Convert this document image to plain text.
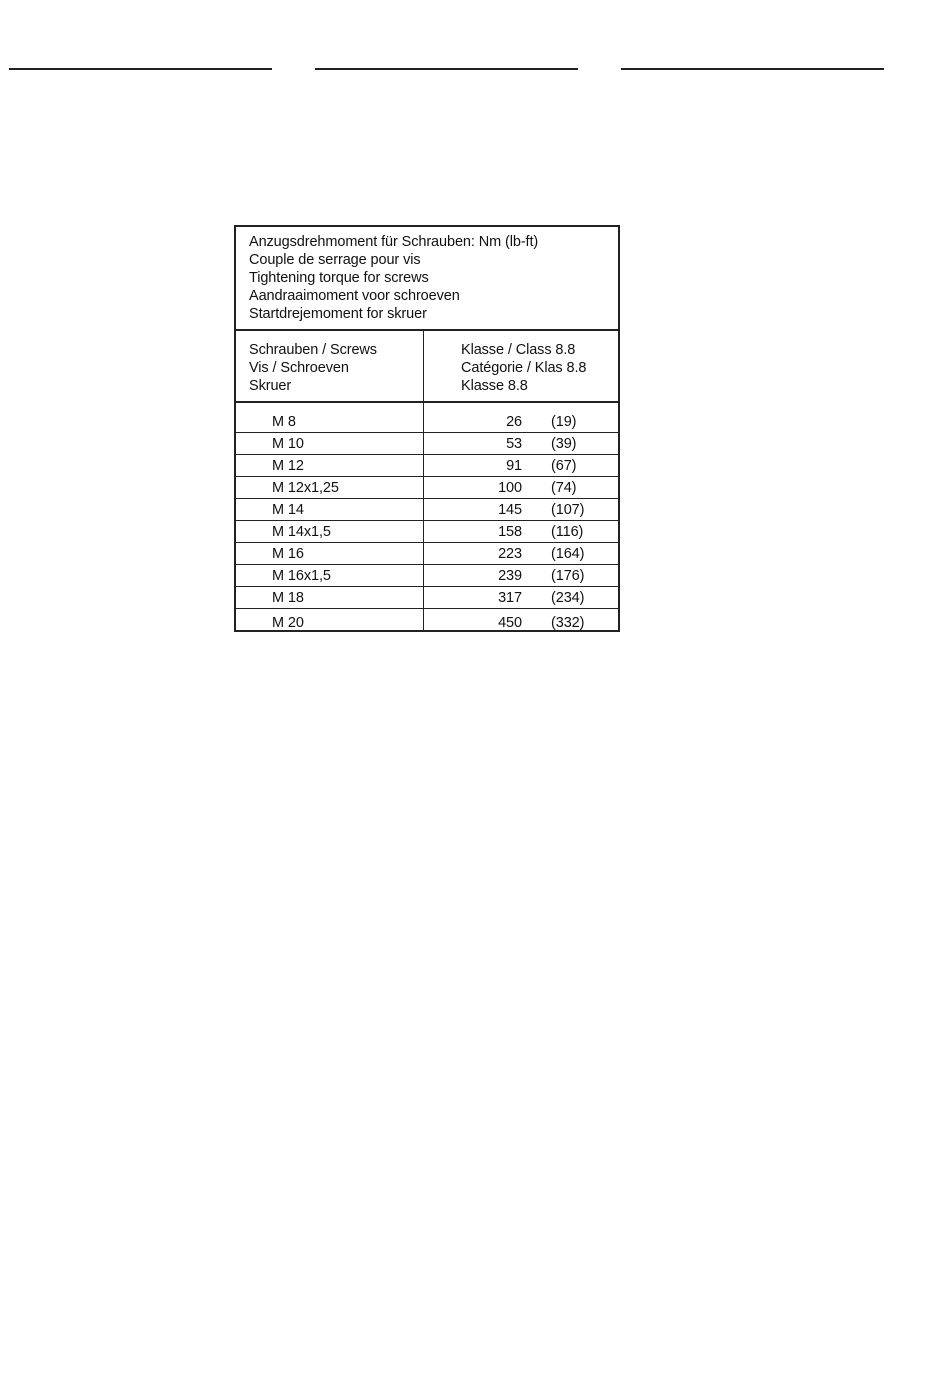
Anzugsdrehmoment für Schrauben: Nm (lb-ft)
Couple de serrage pour vis
Tightening torque for screws
Aandraaimoment voor schroeven
Startdrejemoment for skruer
Schrauben / Screws
Vis / Schroeven
Skruer
Klasse / Class 8.8
Catégorie / Klas 8.8
Klasse 8.8
M 8	26 (19)
M 10	53 (39)
M 12	91 (67)
M 12x1,25	100 (74)
M 14	145 (107)
M 14x1,5	158 (116)
M 16	223 (164)
M 16x1,5	239 (176)
M 18	317 (234)
M 20	450 (332)
